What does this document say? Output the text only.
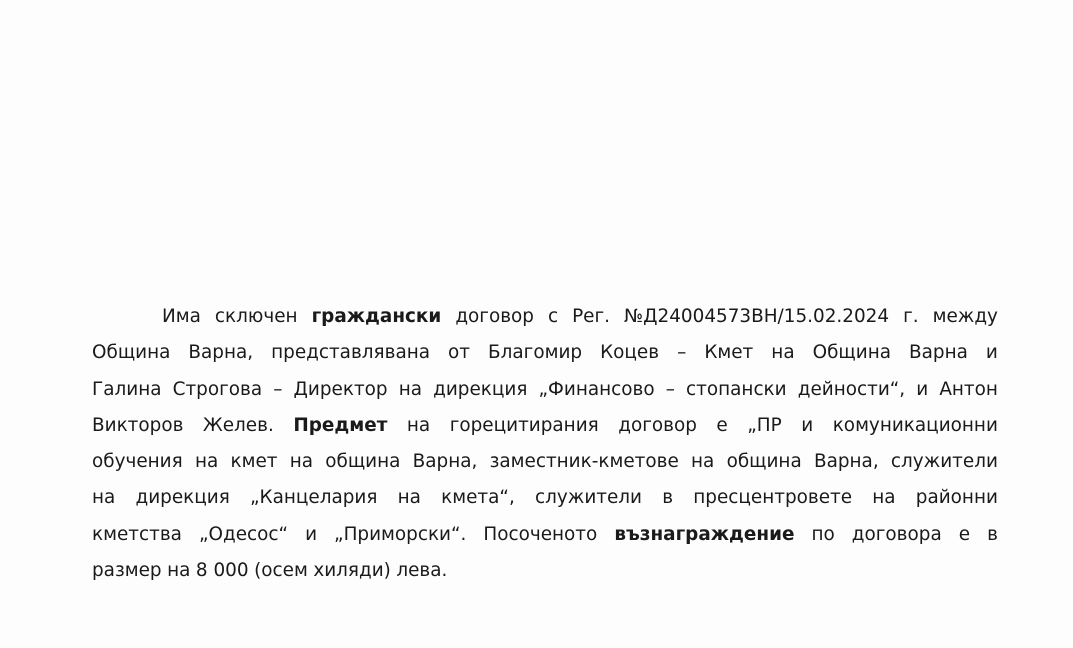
Има сключен граждански договор с Рег. №Д24004573ВН/15.02.2024 г. между
Община Варна, представлявана от Благомир Коцев – Кмет на Община Варна и
Галина Строгова – Директор на дирекция „Финансово – стопански дейности“, и Антон
Викторов Желев. Предмет на горецитирания договор е „ПР и комуникационни
обучения на кмет на община Варна, заместник-кметове на община Варна, служители
на дирекция „Канцелария на кмета“, служители в пресцентровете на районни
кметства „Одесос“ и „Приморски“. Посоченото възнаграждение по договора е в
размер на 8 000 (осем хиляди) лева.
